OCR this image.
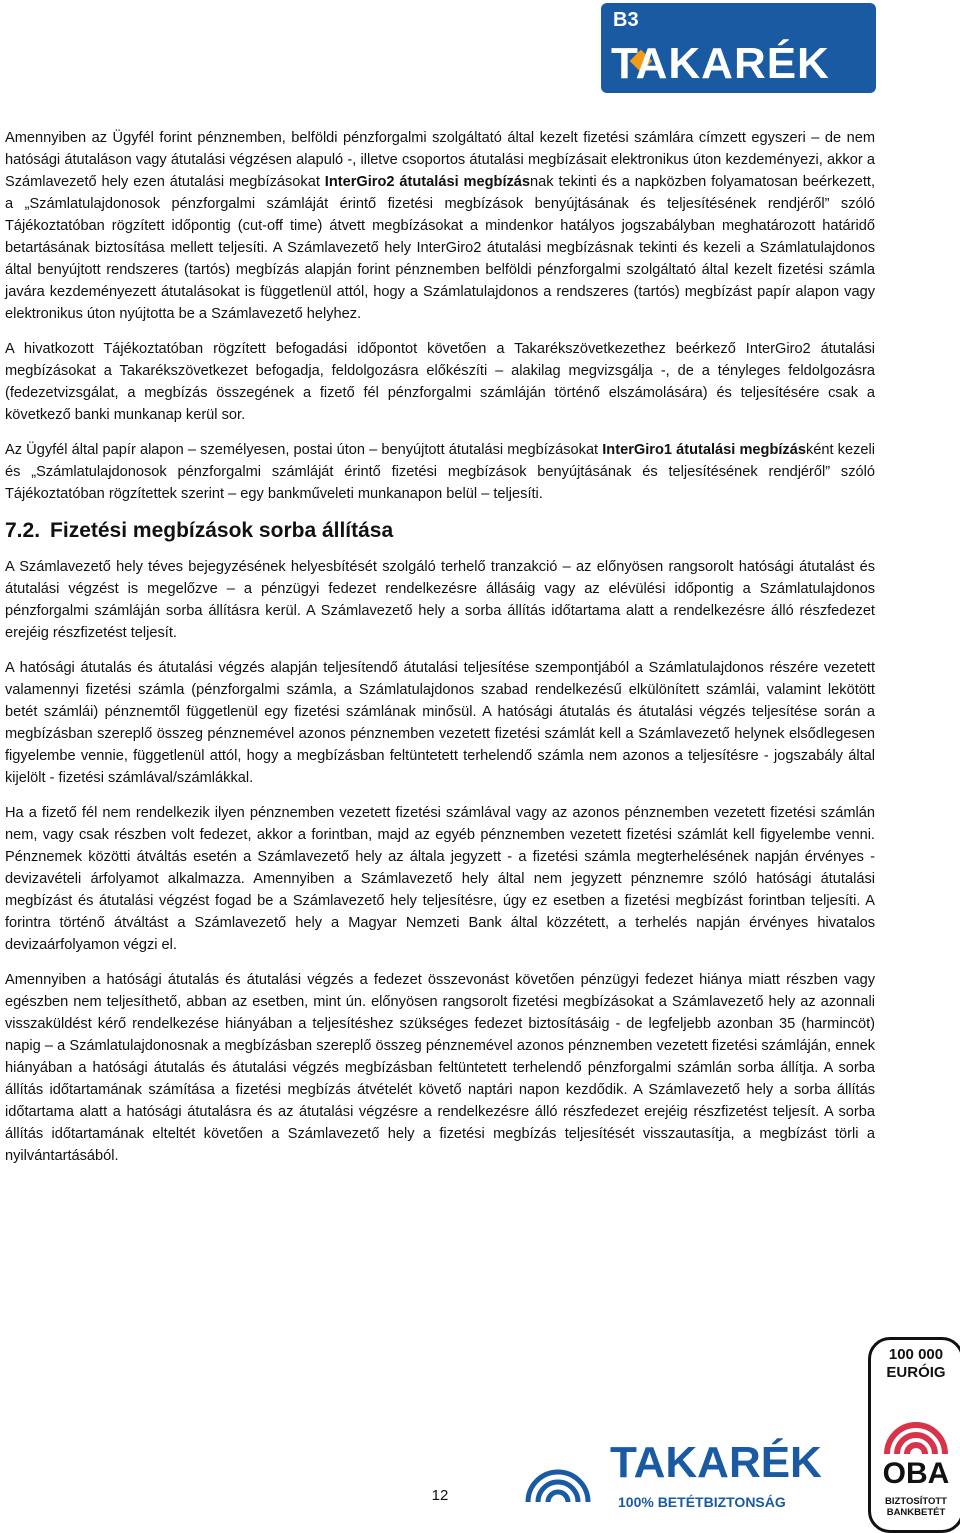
B3
TAKARÉK

Amennyiben az Ügyfél forint pénznemben, belföldi pénzforgalmi szolgáltató által kezelt fizetési számlára címzett egyszeri – de nem hatósági átutaláson vagy átutalási végzésen alapuló -, illetve csoportos átutalási megbízásait elektronikus úton kezdeményezi, akkor a Számlavezető hely ezen átutalási megbízásokat InterGiro2 átutalási megbízásnak tekinti és a napközben folyamatosan beérkezett, a „Számlatulajdonosok pénzforgalmi számláját érintő fizetési megbízások benyújtásának és teljesítésének rendjéről” szóló Tájékoztatóban rögzített időpontig (cut-off time) átvett megbízásokat a mindenkor hatályos jogszabályban meghatározott határidő betartásának biztosítása mellett teljesíti. A Számlavezető hely InterGiro2 átutalási megbízásnak tekinti és kezeli a Számlatulajdonos által benyújtott rendszeres (tartós) megbízás alapján forint pénznemben belföldi pénzforgalmi szolgáltató által kezelt fizetési számla javára kezdeményezett átutalásokat is függetlenül attól, hogy a Számlatulajdonos a rendszeres (tartós) megbízást papír alapon vagy elektronikus úton nyújtotta be a Számlavezető helyhez.

A hivatkozott Tájékoztatóban rögzített befogadási időpontot követően a Takarékszövetkezethez beérkező InterGiro2 átutalási megbízásokat a Takarékszövetkezet befogadja, feldolgozásra előkészíti – alakilag megvizsgálja -, de a tényleges feldolgozásra (fedezetvizsgálat, a megbízás összegének a fizető fél pénzforgalmi számláján történő elszámolására) és teljesítésére csak a következő banki munkanap kerül sor.

Az Ügyfél által papír alapon – személyesen, postai úton – benyújtott átutalási megbízásokat InterGiro1 átutalási megbízásként kezeli és „Számlatulajdonosok pénzforgalmi számláját érintő fizetési megbízások benyújtásának és teljesítésének rendjéről” szóló Tájékoztatóban rögzítettek szerint – egy bankműveleti munkanapon belül – teljesíti.

7.2. Fizetési megbízások sorba állítása

A Számlavezető hely téves bejegyzésének helyesbítését szolgáló terhelő tranzakció – az előnyösen rangsorolt hatósági átutalást és átutalási végzést is megelőzve – a pénzügyi fedezet rendelkezésre állásáig vagy az elévülési időpontig a Számlatulajdonos pénzforgalmi számláján sorba állításra kerül. A Számlavezető hely a sorba állítás időtartama alatt a rendelkezésre álló részfedezet erejéig részfizetést teljesít.

A hatósági átutalás és átutalási végzés alapján teljesítendő átutalási teljesítése szempontjából a Számlatulajdonos részére vezetett valamennyi fizetési számla (pénzforgalmi számla, a Számlatulajdonos szabad rendelkezésű elkülönített számlái, valamint lekötött betét számlái) pénznemtől függetlenül egy fizetési számlának minősül. A hatósági átutalás és átutalási végzés teljesítése során a megbízásban szereplő összeg pénznemével azonos pénznemben vezetett fizetési számlát kell a Számlavezető helynek elsődlegesen figyelembe vennie, függetlenül attól, hogy a megbízásban feltüntetett terhelendő számla nem azonos a teljesítésre - jogszabály által kijelölt - fizetési számlával/számlákkal.

Ha a fizető fél nem rendelkezik ilyen pénznemben vezetett fizetési számlával vagy az azonos pénznemben vezetett fizetési számlán nem, vagy csak részben volt fedezet, akkor a forintban, majd az egyéb pénznemben vezetett fizetési számlát kell figyelembe venni. Pénznemek közötti átváltás esetén a Számlavezető hely az általa jegyzett - a fizetési számla megterhelésének napján érvényes - devizavételi árfolyamot alkalmazza. Amennyiben a Számlavezető hely által nem jegyzett pénznemre szóló hatósági átutalási megbízást és átutalási végzést fogad be a Számlavezető hely teljesítésre, úgy ez esetben a fizetési megbízást forintban teljesíti. A forintra történő átváltást a Számlavezető hely a Magyar Nemzeti Bank által közzétett, a terhelés napján érvényes hivatalos devizaárfolyamon végzi el.

Amennyiben a hatósági átutalás és átutalási végzés a fedezet összevonást követően pénzügyi fedezet hiánya miatt részben vagy egészben nem teljesíthető, abban az esetben, mint ún. előnyösen rangsorolt fizetési megbízásokat a Számlavezető hely az azonnali visszaküldést kérő rendelkezése hiányában a teljesítéshez szükséges fedezet biztosításáig - de legfeljebb azonban 35 (harmincöt) napig – a Számlatulajdonosnak a megbízásban szereplő összeg pénznemével azonos pénznemben vezetett fizetési számláján, ennek hiányában a hatósági átutalás és átutalási végzés megbízásban feltüntetett terhelendő pénzforgalmi számlán sorba állítja. A sorba állítás időtartamának számítása a fizetési megbízás átvételét követő naptári napon kezdődik. A Számlavezető hely a sorba állítás időtartama alatt a hatósági átutalásra és az átutalási végzésre a rendelkezésre álló részfedezet erejéig részfizetést teljesít. A sorba állítás időtartamának elteltét követően a Számlavezető hely a fizetési megbízás teljesítését visszautasítja, a megbízást törli a nyilvántartásából.

12
TAKARÉK
100% BETÉTBIZTONSÁG
100 000
EURÓIG
OBA
BIZTOSÍTOTT
BANKBETÉT
